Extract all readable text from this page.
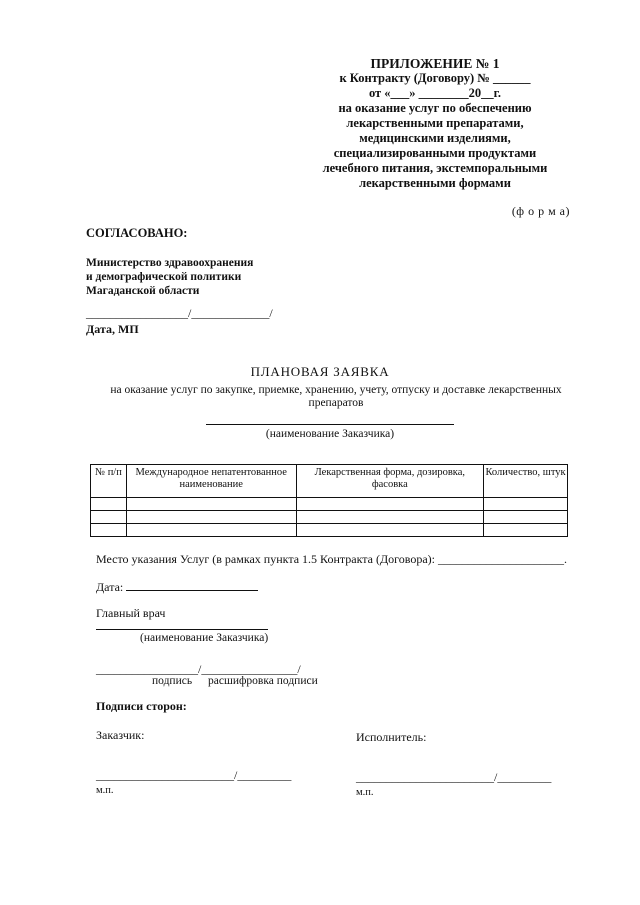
ПРИЛОЖЕНИЕ № 1
к Контракту (Договору) № ______
от «___» ________20__г.
на оказание услуг по обеспечению
лекарственными препаратами,
медицинскими изделиями,
специализированными продуктами
лечебного питания, экстемпоральными
лекарственными формами
(ф о р м а)
СОГЛАСОВАНО:
Министерство здравоохранения
и демографической политики
Магаданской области
_________________/_____________/
Дата, МП
ПЛАНОВАЯ ЗАЯВКА
на оказание услуг по закупке, приемке, хранению, учету, отпуску и доставке лекарственных препаратов
(наименование Заказчика)
№ п/п	Международное непатентованное наименование	Лекарственная форма, дозировка, фасовка	Количество, штук

Место указания Услуг (в рамках пункта 1.5 Контракта (Договора): _____________________.
Дата:
Главный врач
(наименование Заказчика)
_________________/________________/
подпись расшифровка подписи
Подписи сторон:
Заказчик:	Исполнитель:
_______________________/_________	_______________________/_________
м.п.	м.п.
